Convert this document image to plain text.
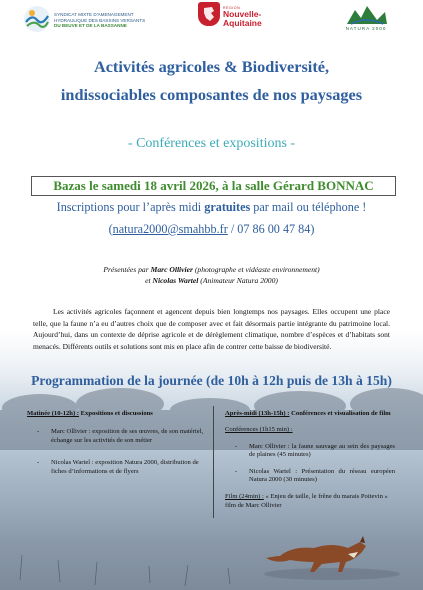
SYNDICAT MIXTE D'AMENAGEMENT
HYDRAULIQUE DES BASSINS VERSANTS
DU BEUVE ET DE LA BASSANNE
RÉGION
Nouvelle-
Aquitaine
NATURA 2000
Activités agricoles & Biodiversité,
indissociables composantes de nos paysages
- Conférences et expositions -
Bazas le samedi 18 avril 2026, à la salle Gérard BONNAC
Inscriptions pour l’après midi gratuites par mail ou téléphone !
(natura2000@smahbb.fr / 07 86 00 47 84)
Présentées par Marc Ollivier (photographe et vidéaste environnement)
et Nicolas Wartel (Animateur Natura 2000)
Les activités agricoles façonnent et agencent depuis bien longtemps nos paysages. Elles occupent une place telle, que la faune n’a eu d’autres choix que de composer avec et fait désormais partie intégrante du patrimoine local. Aujourd’hui, dans un contexte de déprise agricole et de dérèglement climatique, nombre d’espèces et d’habitats sont menacés. Différents outils et solutions sont mis en place afin de contrer cette baisse de biodiversité.
Programmation de la journée (de 10h à 12h puis de 13h à 15h)
Matinée (10-12h) : Expositions et discussions
- Marc Ollivier : exposition de ses œuvres, de son matériel, échange sur les activités de son métier
- Nicolas Wartel : exposition Natura 2000, distribution de fiches d’informations et de flyers
Après-midi (13h-15h) : Conférences et visualisation de film
Conférences (1h15 min) :
- Marc Ollivier : la faune sauvage au sein des paysages de plaines (45 minutes)
- Nicolas Wartel : Présentation du réseau européen Natura 2000 (30 minutes)
Film (24min) : « Enjeu de taille, le frêne du marais Poitevin » film de Marc Ollivier
